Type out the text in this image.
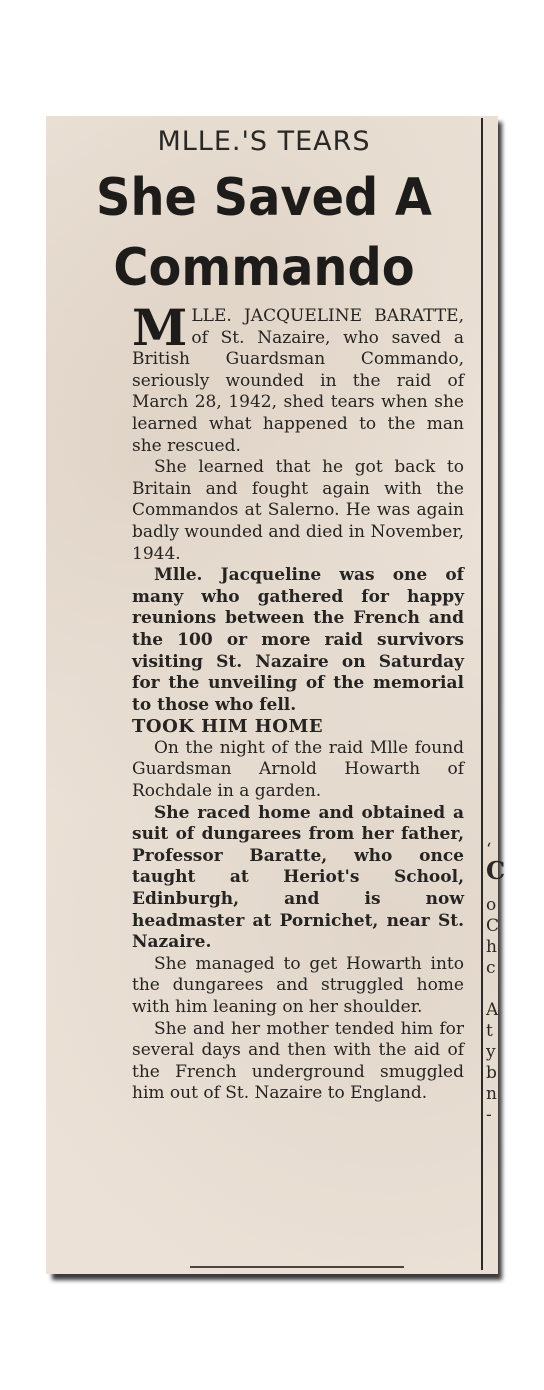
‘
C
o
C
h
c
A
t
y
b
n
-
MLLE.'S TEARS
She Saved A
Commando

MLLE. JACQUELINE BARATTE, of St. Nazaire, who saved a British Guardsman Commando, seriously wounded in the raid of March 28, 1942, shed tears when she learned what happened to the man she rescued.

She learned that he got back to Britain and fought again with the Commandos at Salerno. He was again badly wounded and died in November, 1944.

Mlle. Jacqueline was one of many who gathered for happy reunions between the French and the 100 or more raid survivors visiting St. Nazaire on Saturday for the unveiling of the memorial to those who fell.

TOOK HIM HOME

On the night of the raid Mlle found Guardsman Arnold Howarth of Rochdale in a garden.

She raced home and obtained a suit of dungarees from her father, Professor Baratte, who once taught at Heriot's School, Edinburgh, and is now headmaster at Pornichet, near St. Nazaire.

She managed to get Howarth into the dungarees and struggled home with him leaning on her shoulder.

She and her mother tended him for several days and then with the aid of the French underground smuggled him out of St. Nazaire to England.
